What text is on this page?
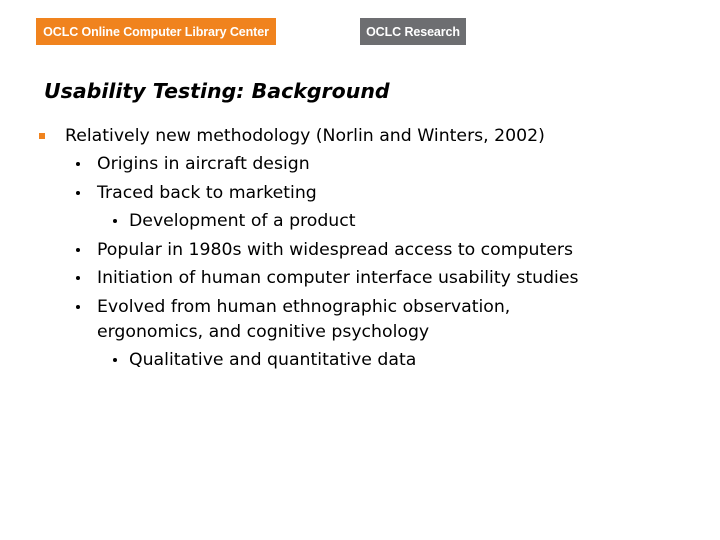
OCLC Online Computer Library Center	OCLC Research
Usability Testing: Background
Relatively new methodology (Norlin and Winters, 2002)
Origins in aircraft design
Traced back to marketing
Development of a product
Popular in 1980s with widespread access to computers
Initiation of human computer interface usability studies
Evolved from human ethnographic observation,
ergonomics, and cognitive psychology
Qualitative and quantitative data
